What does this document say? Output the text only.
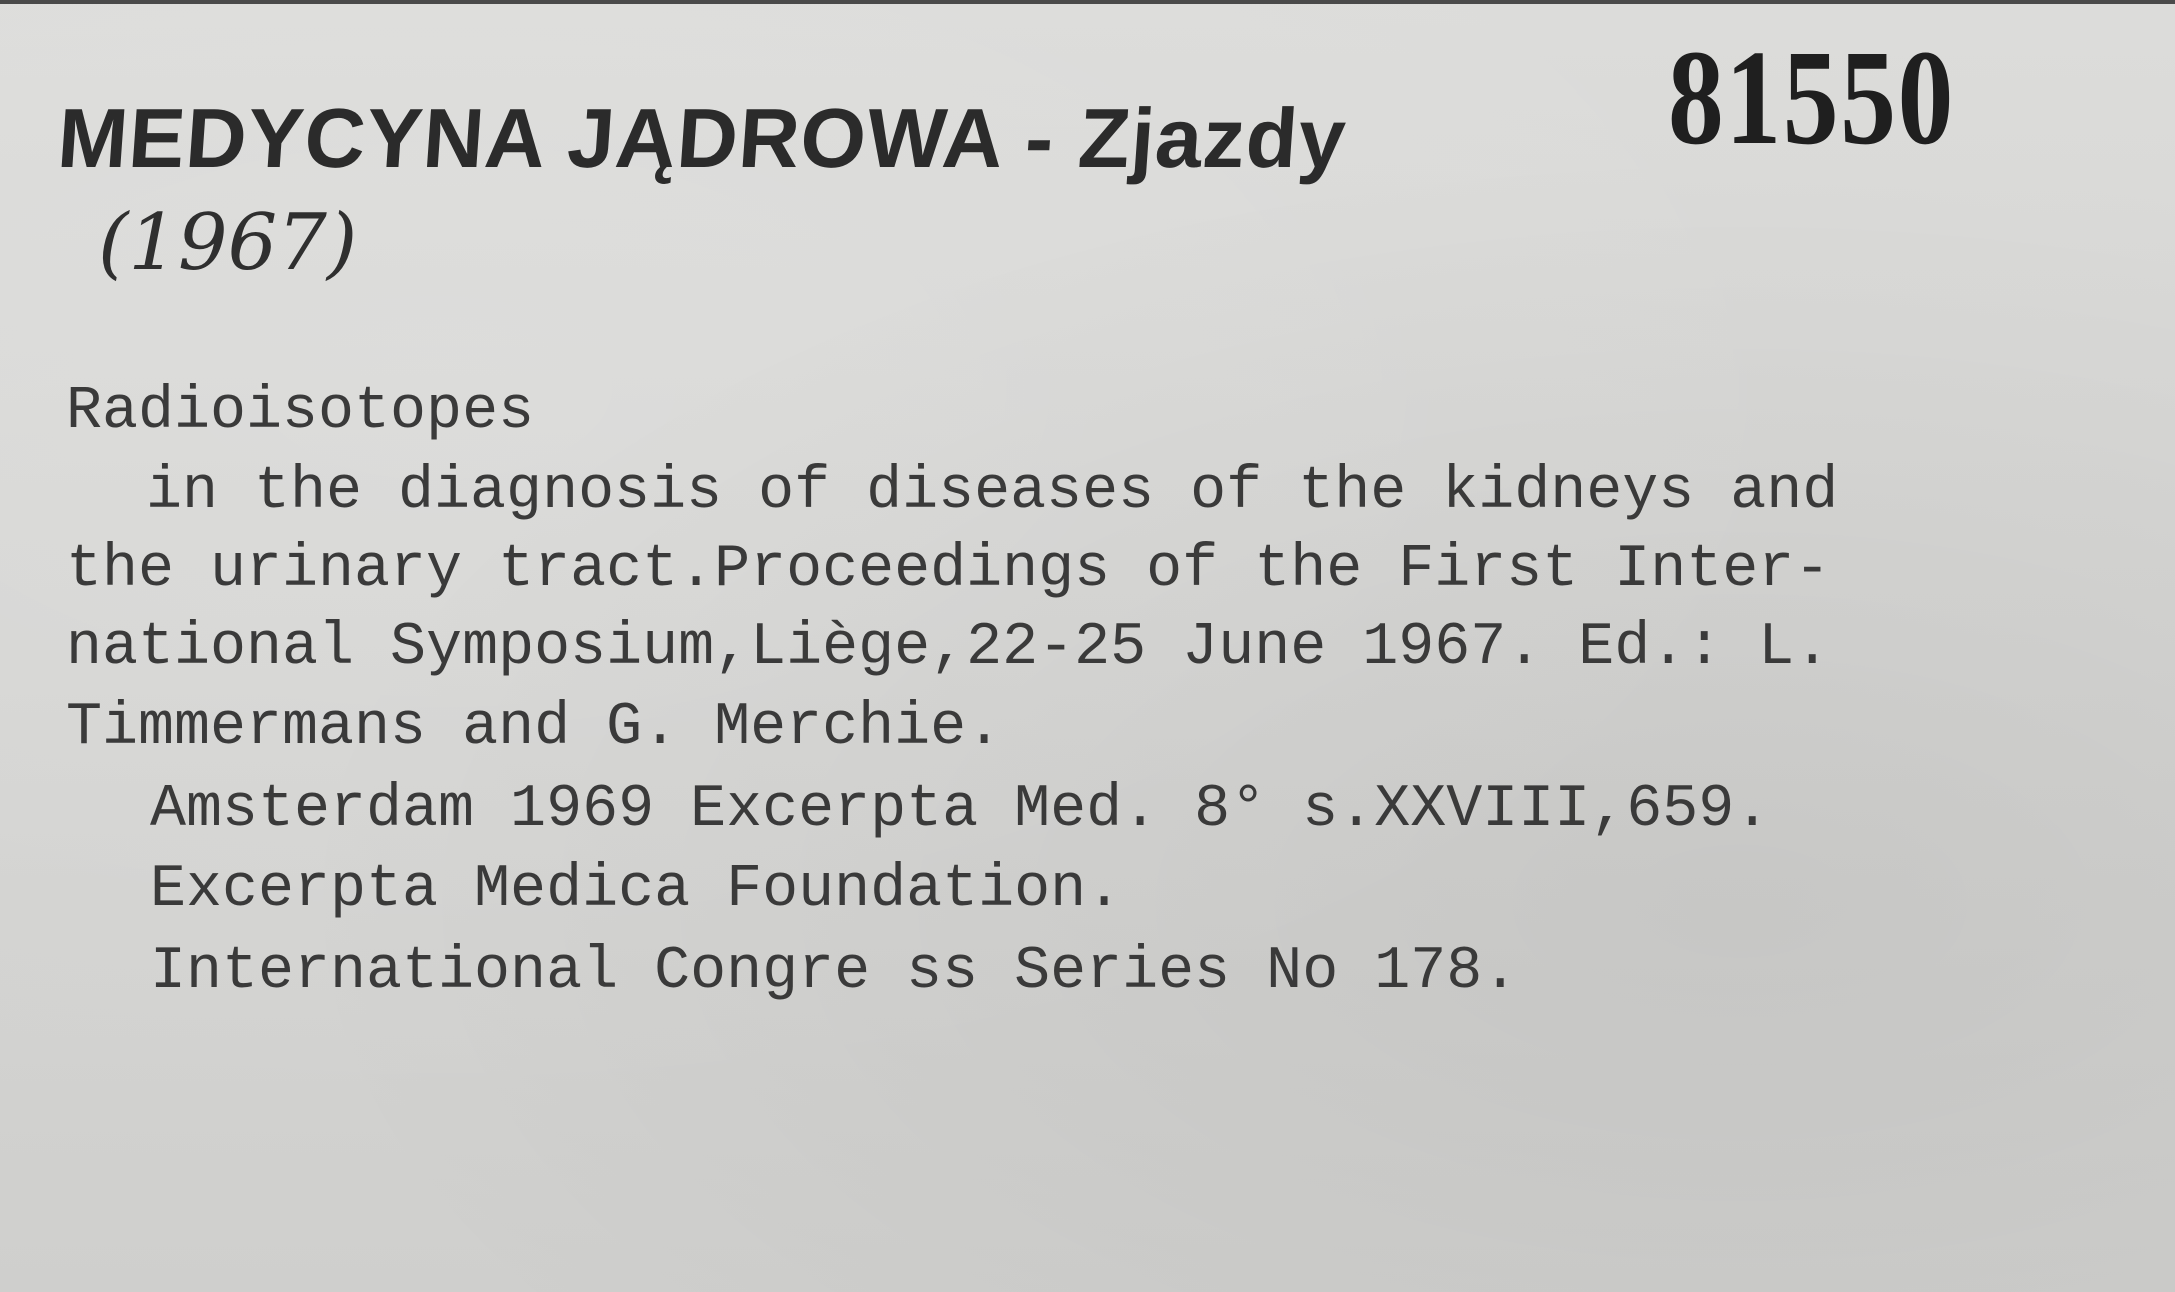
MEDYCYNA JĄDROWA - Zjazdy
(1967)
81550
Radioisotopes
in the diagnosis of diseases of the kidneys and
the urinary tract.Proceedings of the First Inter-
national Symposium,Liège,22-25 June 1967. Ed.: L.
Timmermans and G. Merchie.
Amsterdam 1969 Excerpta Med. 8° s.XXVIII,659.
Excerpta Medica Foundation.
International Congre ss Series No 178.
